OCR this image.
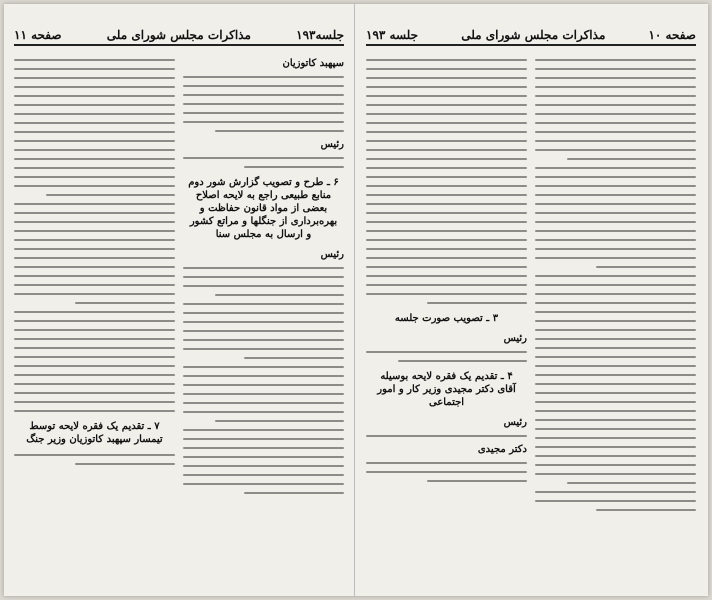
جلسه۱۹۳
مذاکرات مجلس شورای ملی
صفحه ۱۱
سپهبد کاتوزیان
رئیس
۶ ـ طرح و تصویب گزارش شور دوم منابع طبیعی راجع به لایحه اصلاح بعضی از مواد قانون حفاظت و بهره‌برداری از جنگلها و مراتع کشور و ارسال به مجلس سنا
رئیس
۷ ـ تقدیم یک فقره لایحه توسط تیمسار سپهبد کاتوزیان وزیر جنگ
صفحه ۱۰
مذاکرات مجلس شورای ملی
جلسه ۱۹۳
۳ ـ تصویب صورت جلسه
رئیس
۴ ـ تقدیم یک فقره لایحه بوسیله آقای دکتر مجیدی وزیر کار و امور اجتماعی
رئیس
دکتر مجیدی
